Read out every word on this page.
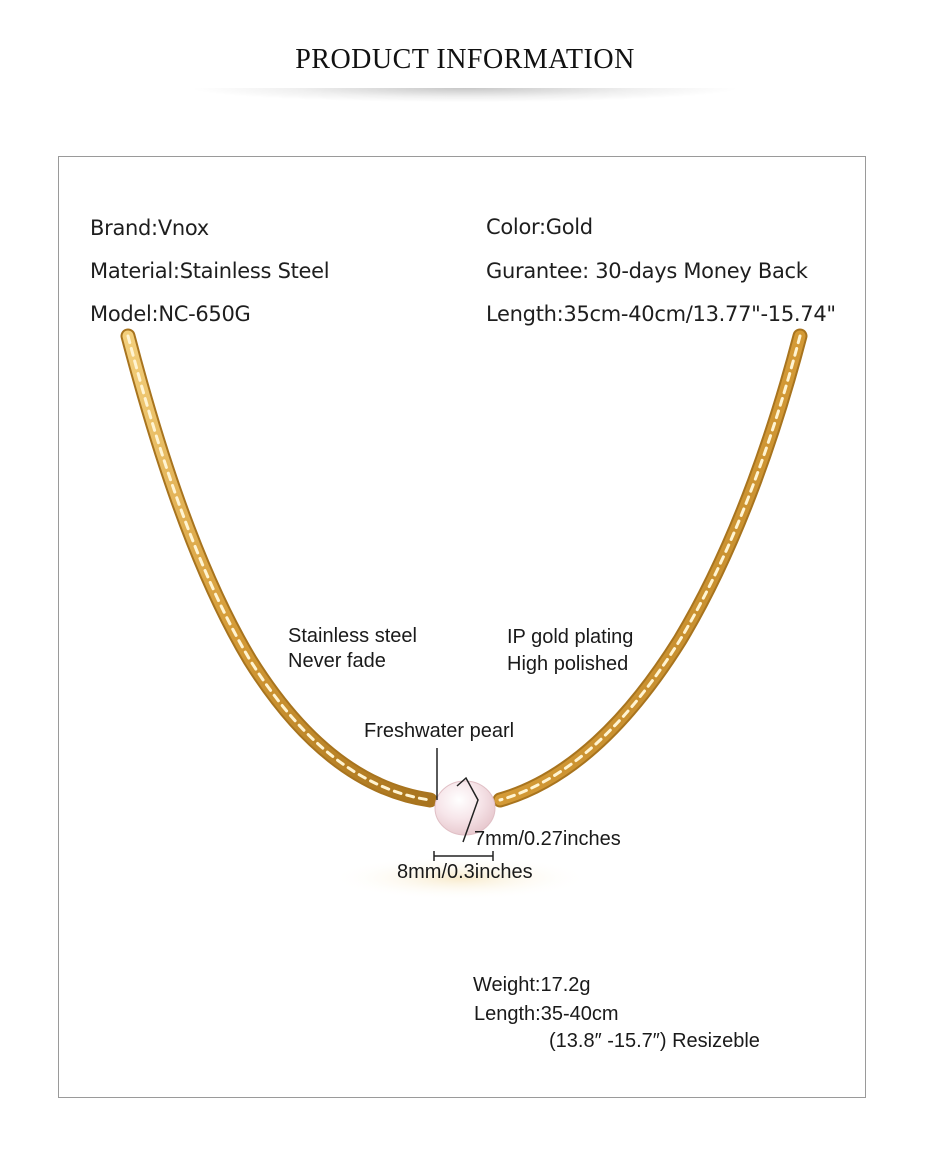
PRODUCT INFORMATION
Brand:Vnox
Material:Stainless Steel
Model:NC-650G
Color:Gold
Gurantee: 30-days Money Back
Length:35cm-40cm/13.77"-15.74"
Stainless steel
Never fade
IP gold plating
High polished
Freshwater pearl
7mm/0.27inches
8mm/0.3inches
Weight:17.2g
Length:35-40cm
(13.8″ -15.7″) Resizeble
